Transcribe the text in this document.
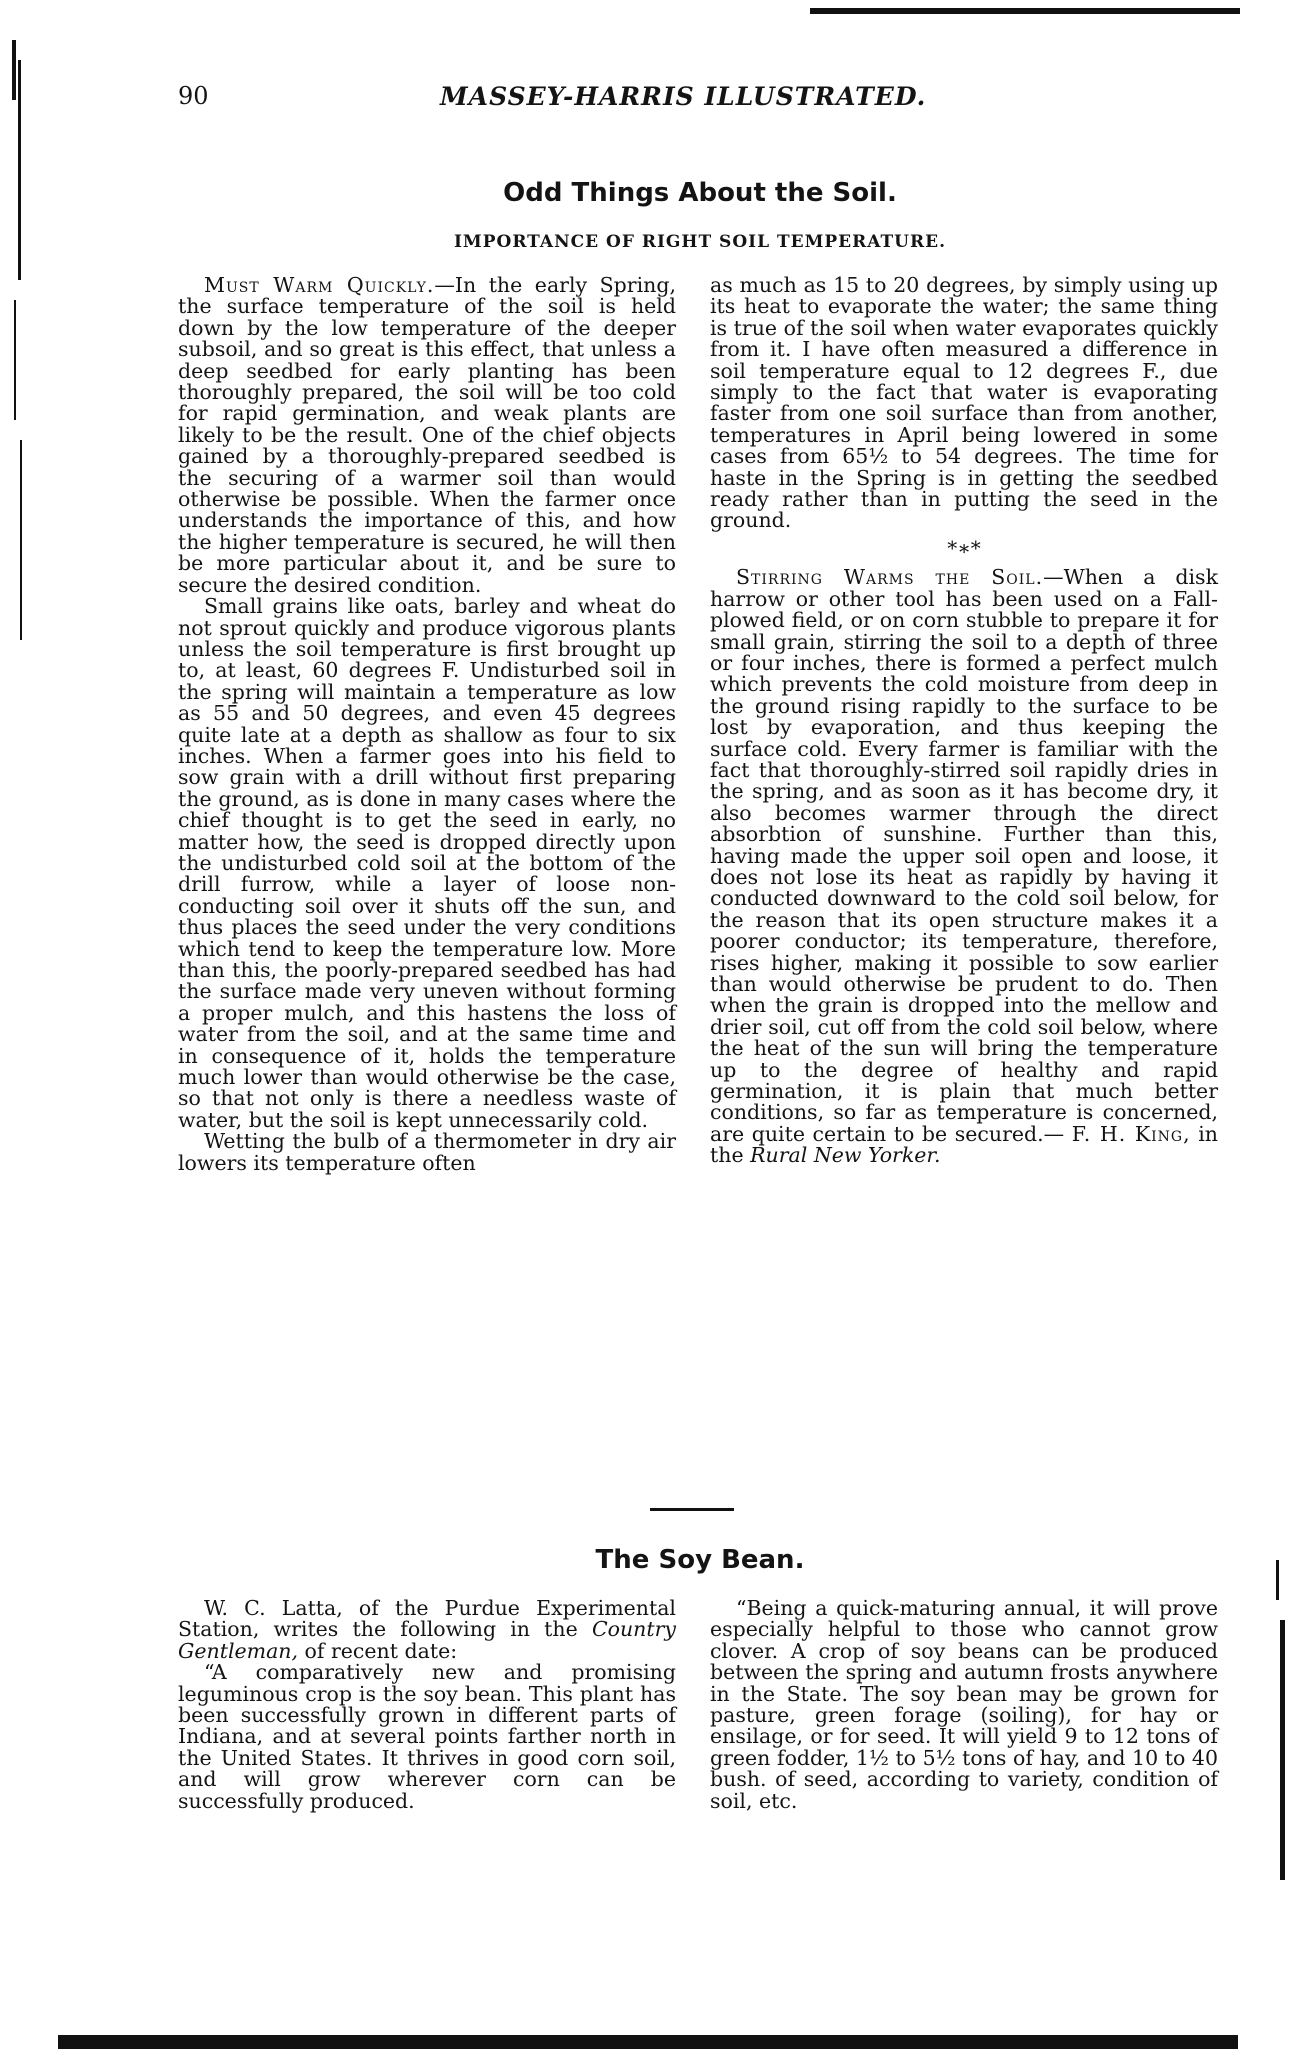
90	MASSEY-HARRIS ILLUSTRATED.
Odd Things About the Soil.
IMPORTANCE OF RIGHT SOIL TEMPERATURE.

Must Warm Quickly.—In the early Spring, the surface temperature of the soil is held down by the low temperature of the deeper subsoil, and so great is this effect, that unless a deep seedbed for early planting has been thoroughly prepared, the soil will be too cold for rapid germination, and weak plants are likely to be the result. One of the chief objects gained by a thoroughly-prepared seedbed is the securing of a warmer soil than would otherwise be possible. When the farmer once understands the importance of this, and how the higher temperature is secured, he will then be more particular about it, and be sure to secure the desired condition.

Small grains like oats, barley and wheat do not sprout quickly and produce vigorous plants unless the soil temperature is first brought up to, at least, 60 degrees F. Undisturbed soil in the spring will maintain a temperature as low as 55 and 50 degrees, and even 45 degrees quite late at a depth as shallow as four to six inches. When a farmer goes into his field to sow grain with a drill without first preparing the ground, as is done in many cases where the chief thought is to get the seed in early, no matter how, the seed is dropped directly upon the undisturbed cold soil at the bottom of the drill furrow, while a layer of loose non-conducting soil over it shuts off the sun, and thus places the seed under the very conditions which tend to keep the temperature low. More than this, the poorly-prepared seedbed has had the surface made very uneven without forming a proper mulch, and this hastens the loss of water from the soil, and at the same time and in consequence of it, holds the temperature much lower than would otherwise be the case, so that not only is there a needless waste of water, but the soil is kept unnecessarily cold.

Wetting the bulb of a thermometer in dry air lowers its temperature often

as much as 15 to 20 degrees, by simply using up its heat to evaporate the water; the same thing is true of the soil when water evaporates quickly from it. I have often measured a difference in soil temperature equal to 12 degrees F., due simply to the fact that water is evaporating faster from one soil surface than from another, temperatures in April being lowered in some cases from 65½ to 54 degrees. The time for haste in the Spring is in getting the seedbed ready rather than in putting the seed in the ground.

*∗*

Stirring Warms the Soil.—When a disk harrow or other tool has been used on a Fall-plowed field, or on corn stubble to prepare it for small grain, stirring the soil to a depth of three or four inches, there is formed a perfect mulch which prevents the cold moisture from deep in the ground rising rapidly to the surface to be lost by evaporation, and thus keeping the surface cold. Every farmer is familiar with the fact that thoroughly-stirred soil rapidly dries in the spring, and as soon as it has become dry, it also becomes warmer through the direct absorbtion of sunshine. Further than this, having made the upper soil open and loose, it does not lose its heat as rapidly by having it conducted downward to the cold soil below, for the reason that its open structure makes it a poorer conductor; its temperature, therefore, rises higher, making it possible to sow earlier than would otherwise be prudent to do. Then when the grain is dropped into the mellow and drier soil, cut off from the cold soil below, where the heat of the sun will bring the temperature up to the degree of healthy and rapid germination, it is plain that much better conditions, so far as temperature is concerned, are quite certain to be secured.— F. H. King, in the Rural New Yorker.

The Soy Bean.

W. C. Latta, of the Purdue Experimental Station, writes the following in the Country Gentleman, of recent date:

“A comparatively new and promising leguminous crop is the soy bean. This plant has been successfully grown in different parts of Indiana, and at several points farther north in the United States. It thrives in good corn soil, and will grow wherever corn can be successfully produced.

“Being a quick-maturing annual, it will prove especially helpful to those who cannot grow clover. A crop of soy beans can be produced between the spring and autumn frosts anywhere in the State. The soy bean may be grown for pasture, green forage (soiling), for hay or ensilage, or for seed. It will yield 9 to 12 tons of green fodder, 1½ to 5½ tons of hay, and 10 to 40 bush. of seed, according to variety, condition of soil, etc.
